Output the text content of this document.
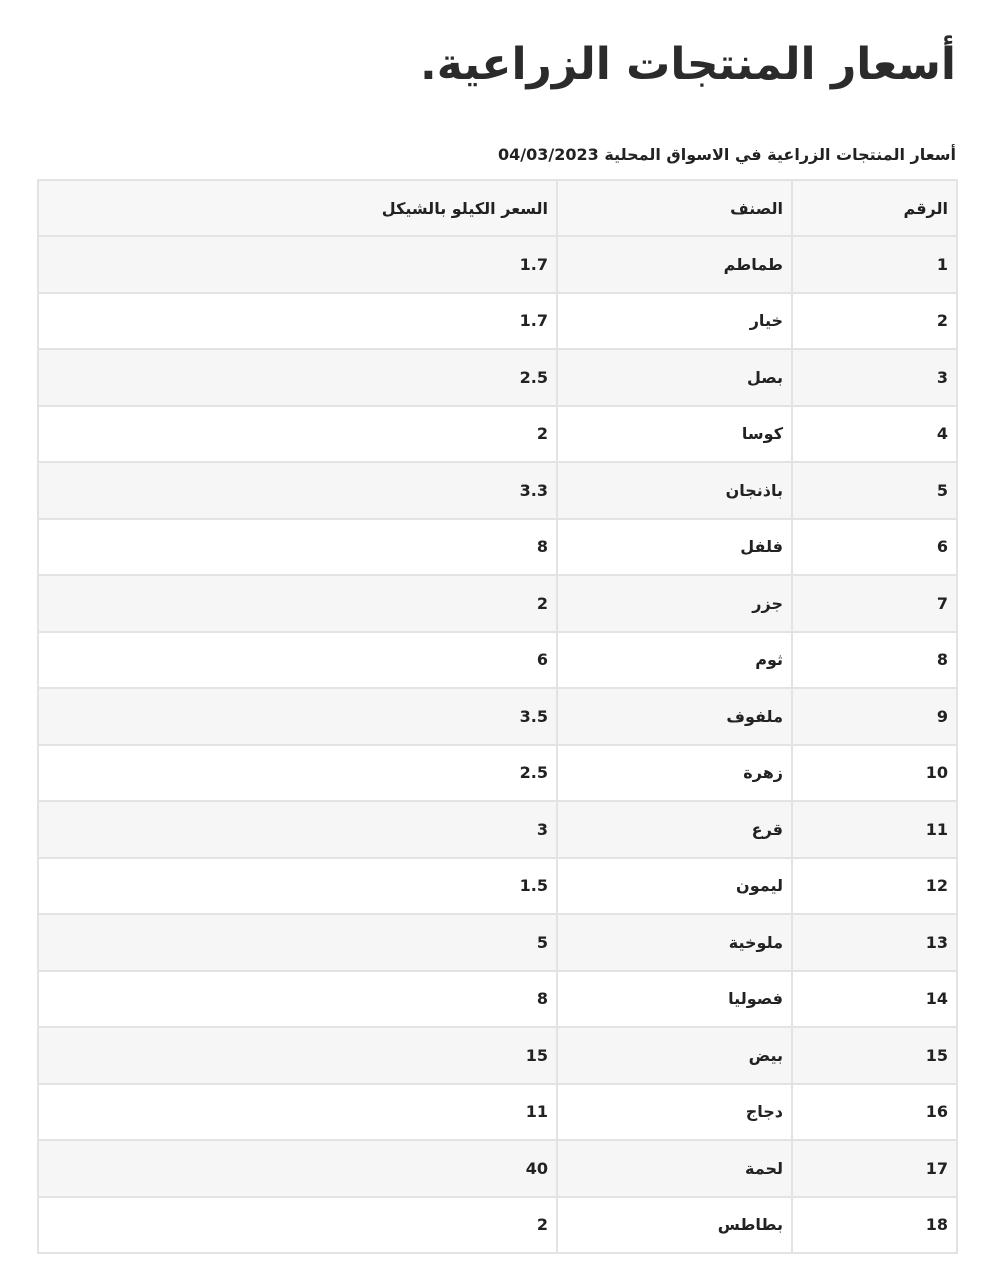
أسعار المنتجات الزراعية.
أسعار المنتجات الزراعية في الاسواق المحلية 04/03/2023
الرقم	الصنف	السعر الكيلو بالشيكل
1	طماطم	1.7
2	خيار	1.7
3	بصل	2.5
4	كوسا	2
5	باذنجان	3.3
6	فلفل	8
7	جزر	2
8	ثوم	6
9	ملفوف	3.5
10	زهرة	2.5
11	قرع	3
12	ليمون	1.5
13	ملوخية	5
14	فصوليا	8
15	بيض	15
16	دجاج	11
17	لحمة	40
18	بطاطس	2
